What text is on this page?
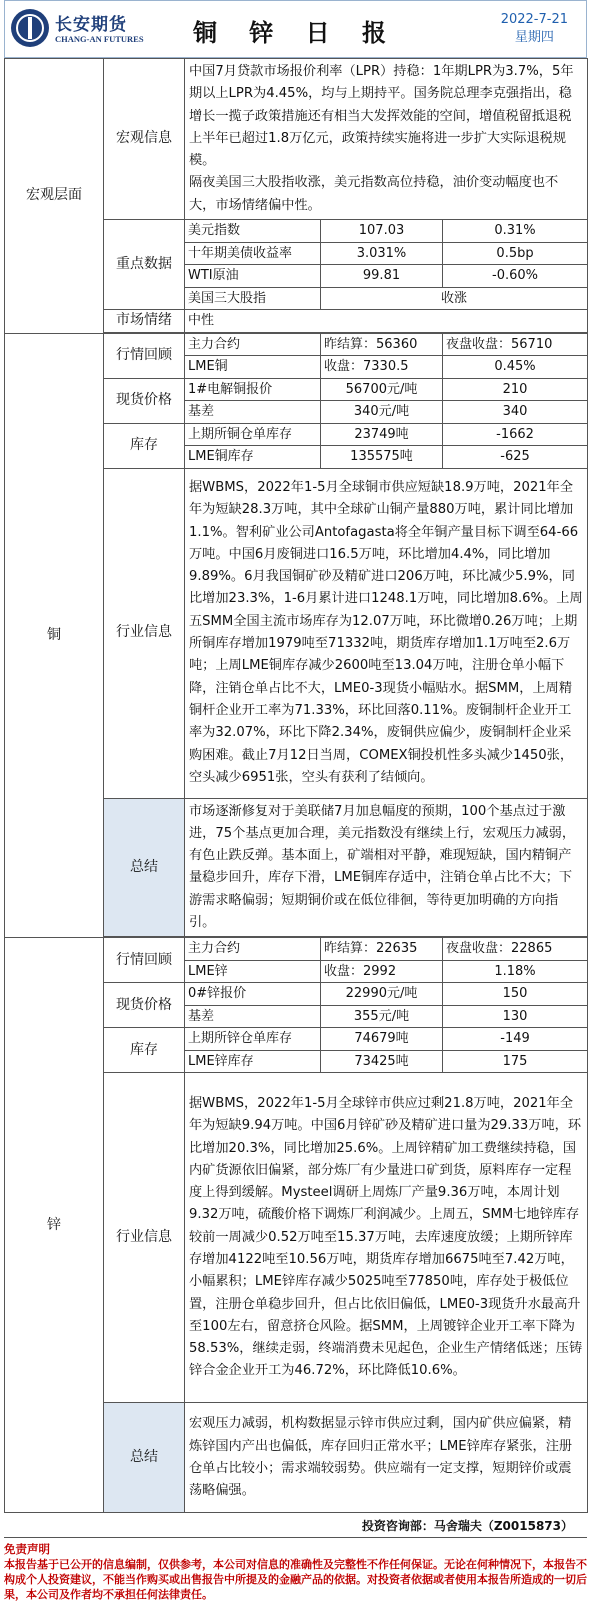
长安期货
CHANG-AN FUTURES	铜 锌 日 报	2022-7-21
星期四
宏观层面	宏观信息	中国7月贷款市场报价利率（LPR）持稳：1年期LPR为3.7%，5年期以上LPR为4.45%，均与上期持平。国务院总理李克强指出，稳增长一揽子政策措施还有相当大发挥效能的空间，增值税留抵退税上半年已超过1.8万亿元，政策持续实施将进一步扩大实际退税规模。
隔夜美国三大股指收涨，美元指数高位持稳，油价变动幅度也不大，市场情绪偏中性。		

	重点数据	美元指数	107.03	0.31%
		十年期美债收益率	3.031%	0.5bp
		WTI原油	99.81	-0.60%
		美国三大股指	收涨	
	市场情绪	中性		

铜	行情回顾	主力合约	昨结算：56360	夜盘收盘：56710
		LME铜	收盘：7330.5	0.45%
	现货价格	1#电解铜报价	56700元/吨	210
		基差	340元/吨	340
	库存	上期所铜仓单库存	23749吨	-1662
		LME铜库存	135575吨	-625
	行业信息	据WBMS，2022年1-5月全球铜市供应短缺18.9万吨，2021年全年为短缺28.3万吨，其中全球矿山铜产量880万吨，累计同比增加1.1%。智利矿业公司Antofagasta将全年铜产量目标下调至64-66万吨。中国6月废铜进口16.5万吨，环比增加4.4%，同比增加9.89%。6月我国铜矿砂及精矿进口206万吨，环比减少5.9%，同比增加23.3%，1-6月累计进口1248.1万吨，同比增加8.6%。上周五SMM全国主流市场库存为12.07万吨，环比微增0.26万吨；上期所铜库存增加1979吨至71332吨，期货库存增加1.1万吨至2.6万吨；上周LME铜库存减少2600吨至13.04万吨，注册仓单小幅下降，注销仓单占比不大，LME0-3现货小幅贴水。据SMM，上周精铜杆企业开工率为71.33%，环比回落0.11%。废铜制杆企业开工率为32.07%，环比下降2.34%，废铜供应偏少，废铜制杆企业采购困难。截止7月12日当周，COMEX铜投机性多头减少1450张，空头减少6951张，空头有获利了结倾向。		
	总结	市场逐渐修复对于美联储7月加息幅度的预期，100个基点过于激进，75个基点更加合理，美元指数没有继续上行，宏观压力减弱，有色止跌反弹。基本面上，矿端相对平静，难现短缺，国内精铜产量稳步回升，库存下滑，LME铜库存适中，注销仓单占比不大；下游需求略偏弱；短期铜价或在低位徘徊，等待更加明确的方向指引。		

锌	行情回顾	主力合约	昨结算：22635	夜盘收盘：22865
		LME锌	收盘：2992	1.18%
	现货价格	0#锌报价	22990元/吨	150
		基差	355元/吨	130
	库存	上期所锌仓单库存	74679吨	-149
		LME锌库存	73425吨	175
	行业信息	据WBMS，2022年1-5月全球锌市供应过剩21.8万吨，2021年全年为短缺9.94万吨。中国6月锌矿砂及精矿进口量为29.33万吨，环比增加20.3%，同比增加25.6%。上周锌精矿加工费继续持稳，国内矿货源依旧偏紧，部分炼厂有少量进口矿到货，原料库存一定程度上得到缓解。Mysteel调研上周炼厂产量9.36万吨，本周计划9.32万吨，硫酸价格下调炼厂利润减少。上周五，SMM七地锌库存较前一周减少0.52万吨至15.37万吨，去库速度放缓；上期所锌库存增加4122吨至10.56万吨，期货库存增加6675吨至7.42万吨，小幅累积；LME锌库存减少5025吨至77850吨，库存处于极低位置，注册仓单稳步回升，但占比依旧偏低，LME0-3现货升水最高升至100左右，留意挤仓风险。据SMM，上周镀锌企业开工率下降为58.53%，继续走弱，终端消费未见起色，企业生产情绪低迷；压铸锌合金企业开工为46.72%，环比降低10.6%。		
	总结	宏观压力减弱，机构数据显示锌市供应过剩，国内矿供应偏紧，精炼锌国内产出也偏低，库存回归正常水平；LME锌库存紧张，注册仓单占比较小；需求端较弱势。供应端有一定支撑，短期锌价或震荡略偏强。		
投资咨询部：马舍瑞夫（Z0015873）
免责声明
本报告基于已公开的信息编制，仅供参考，本公司对信息的准确性及完整性不作任何保证。无论在何种情况下，本报告不构成个人投资建议，不能当作购买或出售报告中所提及的金融产品的依据。对投资者依据或者使用本报告所造成的一切后果，本公司及作者均不承担任何法律责任。
